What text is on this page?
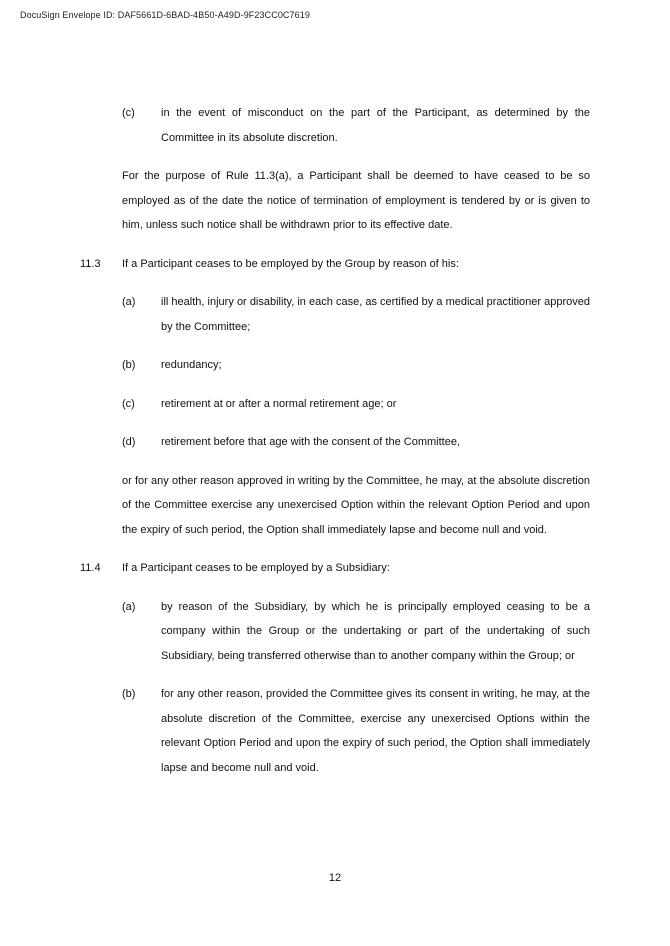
DocuSign Envelope ID: DAF5661D-6BAD-4B50-A49D-9F23CC0C7619
(c)	in the event of misconduct on the part of the Participant, as determined by the Committee in its absolute discretion.

For the purpose of Rule 11.3(a), a Participant shall be deemed to have ceased to be so employed as of the date the notice of termination of employment is tendered by or is given to him, unless such notice shall be withdrawn prior to its effective date.

11.3	If a Participant ceases to be employed by the Group by reason of his:

(a)	ill health, injury or disability, in each case, as certified by a medical practitioner approved by the Committee;

(b)	redundancy;

(c)	retirement at or after a normal retirement age; or

(d)	retirement before that age with the consent of the Committee,

or for any other reason approved in writing by the Committee, he may, at the absolute discretion of the Committee exercise any unexercised Option within the relevant Option Period and upon the expiry of such period, the Option shall immediately lapse and become null and void.

11.4	If a Participant ceases to be employed by a Subsidiary:

(a)	by reason of the Subsidiary, by which he is principally employed ceasing to be a company within the Group or the undertaking or part of the undertaking of such Subsidiary, being transferred otherwise than to another company within the Group; or

(b)	for any other reason, provided the Committee gives its consent in writing, he may, at the absolute discretion of the Committee, exercise any unexercised Options within the relevant Option Period and upon the expiry of such period, the Option shall immediately lapse and become null and void.

12
